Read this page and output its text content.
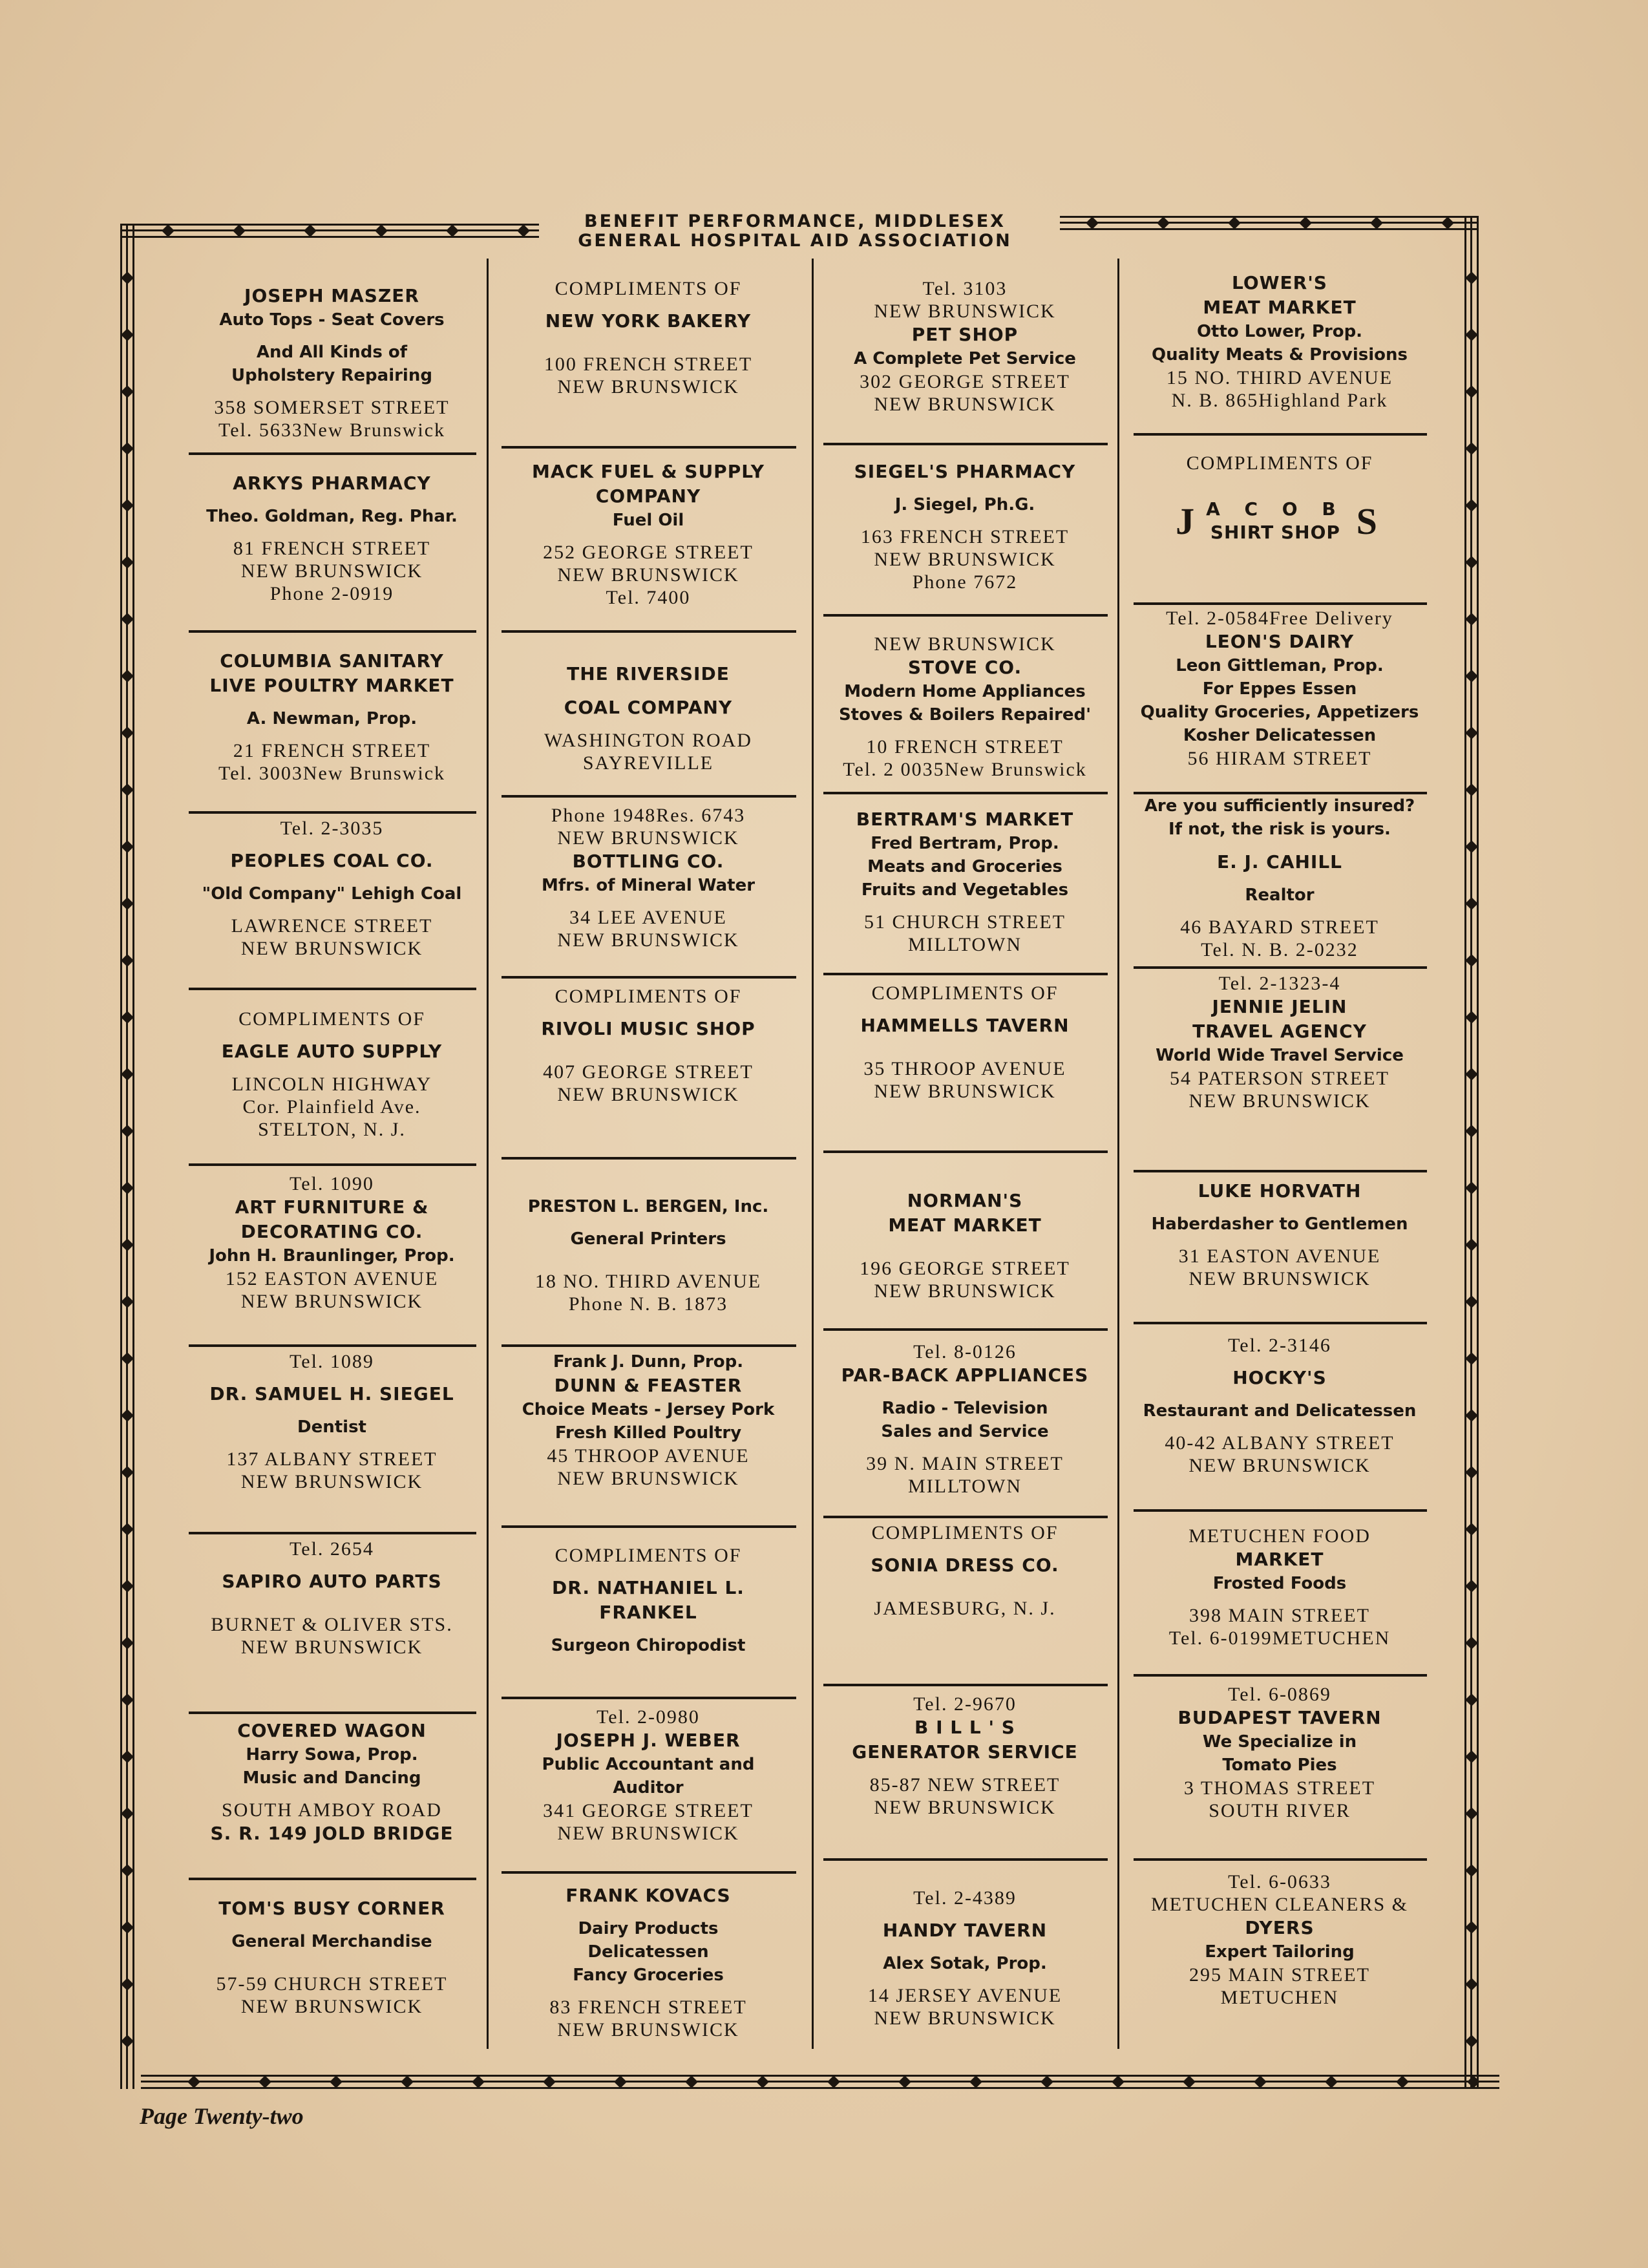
BENEFIT PERFORMANCE, MIDDLESEX
GENERAL HOSPITAL AID ASSOCIATION
JOSEPH MASZER
Auto Tops - Seat Covers
And All Kinds of
Upholstery Repairing
358 SOMERSET STREET
Tel. 5633New Brunswick
ARKYS PHARMACY
Theo. Goldman, Reg. Phar.
81 FRENCH STREET
NEW BRUNSWICK
Phone 2-0919
COLUMBIA SANITARY
LIVE POULTRY MARKET
A. Newman, Prop.
21 FRENCH STREET
Tel. 3003New Brunswick
Tel. 2-3035
PEOPLES COAL CO.
"Old Company" Lehigh Coal
LAWRENCE STREET
NEW BRUNSWICK
COMPLIMENTS OF
EAGLE AUTO SUPPLY
LINCOLN HIGHWAY
Cor. Plainfield Ave.
STELTON, N. J.
Tel. 1090
ART FURNITURE &
DECORATING CO.
John H. Braunlinger, Prop.
152 EASTON AVENUE
NEW BRUNSWICK
Tel. 1089
DR. SAMUEL H. SIEGEL
Dentist
137 ALBANY STREET
NEW BRUNSWICK
Tel. 2654
SAPIRO AUTO PARTS
BURNET & OLIVER STS.
NEW BRUNSWICK
COVERED WAGON
Harry Sowa, Prop.
Music and Dancing
SOUTH AMBOY ROAD
S. R. 149 JOLD BRIDGE
TOM'S BUSY CORNER
General Merchandise
57-59 CHURCH STREET
NEW BRUNSWICK
COMPLIMENTS OF
NEW YORK BAKERY
100 FRENCH STREET
NEW BRUNSWICK
MACK FUEL & SUPPLY
COMPANY
Fuel Oil
252 GEORGE STREET
NEW BRUNSWICK
Tel. 7400
THE RIVERSIDE
COAL COMPANY
WASHINGTON ROAD
SAYREVILLE
Phone 1948Res. 6743
NEW BRUNSWICK
BOTTLING CO.
Mfrs. of Mineral Water
34 LEE AVENUE
NEW BRUNSWICK
COMPLIMENTS OF
RIVOLI MUSIC SHOP
407 GEORGE STREET
NEW BRUNSWICK
PRESTON L. BERGEN, Inc.
General Printers
18 NO. THIRD AVENUE
Phone N. B. 1873
Frank J. Dunn, Prop.
DUNN & FEASTER
Choice Meats - Jersey Pork
Fresh Killed Poultry
45 THROOP AVENUE
NEW BRUNSWICK
COMPLIMENTS OF
DR. NATHANIEL L.
FRANKEL
Surgeon Chiropodist
Tel. 2-0980
JOSEPH J. WEBER
Public Accountant and
Auditor
341 GEORGE STREET
NEW BRUNSWICK
FRANK KOVACS
Dairy Products
Delicatessen
Fancy Groceries
83 FRENCH STREET
NEW BRUNSWICK
Tel. 3103
NEW BRUNSWICK
PET SHOP
A Complete Pet Service
302 GEORGE STREET
NEW BRUNSWICK
SIEGEL'S PHARMACY
J. Siegel, Ph.G.
163 FRENCH STREET
NEW BRUNSWICK
Phone 7672
NEW BRUNSWICK
STOVE CO.
Modern Home Appliances
Stoves & Boilers Repaired'
10 FRENCH STREET
Tel. 2 0035New Brunswick
BERTRAM'S MARKET
Fred Bertram, Prop.
Meats and Groceries
Fruits and Vegetables
51 CHURCH STREET
MILLTOWN
COMPLIMENTS OF
HAMMELLS TAVERN
35 THROOP AVENUE
NEW BRUNSWICK
NORMAN'S
MEAT MARKET
196 GEORGE STREET
NEW BRUNSWICK
Tel. 8-0126
PAR-BACK APPLIANCES
Radio - Television
Sales and Service
39 N. MAIN STREET
MILLTOWN
COMPLIMENTS OF
SONIA DRESS CO.
JAMESBURG, N. J.
Tel. 2-9670
B I L L ' S
GENERATOR SERVICE
85-87 NEW STREET
NEW BRUNSWICK
Tel. 2-4389
HANDY TAVERN
Alex Sotak, Prop.
14 JERSEY AVENUE
NEW BRUNSWICK
LOWER'S
MEAT MARKET
Otto Lower, Prop.
Quality Meats & Provisions
15 NO. THIRD AVENUE
N. B. 865Highland Park
COMPLIMENTS OF
Tel. 2-0584Free Delivery
LEON'S DAIRY
Leon Gittleman, Prop.
For Eppes Essen
Quality Groceries, Appetizers
Kosher Delicatessen
56 HIRAM STREET
Are you sufficiently insured?
If not, the risk is yours.
E. J. CAHILL
Realtor
46 BAYARD STREET
Tel. N. B. 2-0232
Tel. 2-1323-4
JENNIE JELIN
TRAVEL AGENCY
World Wide Travel Service
54 PATERSON STREET
NEW BRUNSWICK
LUKE HORVATH
Haberdasher to Gentlemen
31 EASTON AVENUE
NEW BRUNSWICK
Tel. 2-3146
HOCKY'S
Restaurant and Delicatessen
40-42 ALBANY STREET
NEW BRUNSWICK
METUCHEN FOOD
MARKET
Frosted Foods
398 MAIN STREET
Tel. 6-0199METUCHEN
Tel. 6-0869
BUDAPEST TAVERN
We Specialize in
Tomato Pies
3 THOMAS STREET
SOUTH RIVER
Tel. 6-0633
METUCHEN CLEANERS &
DYERS
Expert Tailoring
295 MAIN STREET
METUCHEN
J A C O B
SHIRT SHOP S
Page Twenty-two
